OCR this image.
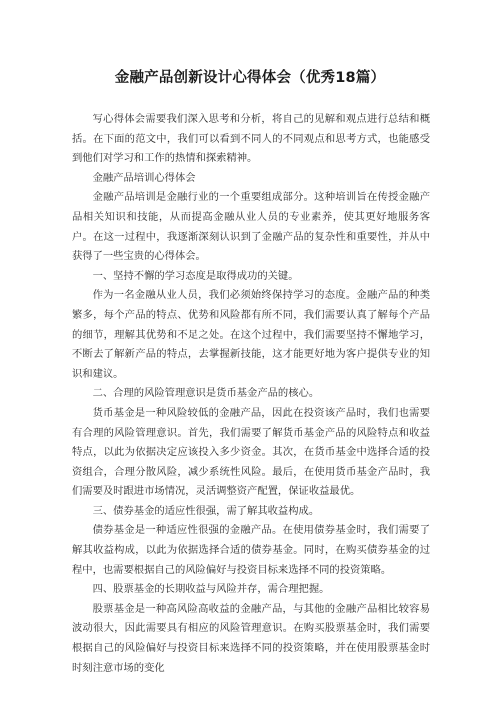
金融产品创新设计心得体会（优秀18篇）

写心得体会需要我们深入思考和分析，将自己的见解和观点进行总结和概括。在下面的范文中，我们可以看到不同人的不同观点和思考方式，也能感受到他们对学习和工作的热情和探索精神。

金融产品培训心得体会

金融产品培训是金融行业的一个重要组成部分。这种培训旨在传授金融产品相关知识和技能，从而提高金融从业人员的专业素养，使其更好地服务客户。在这一过程中，我逐渐深刻认识到了金融产品的复杂性和重要性，并从中获得了一些宝贵的心得体会。

一、坚持不懈的学习态度是取得成功的关键。

作为一名金融从业人员，我们必须始终保持学习的态度。金融产品的种类繁多，每个产品的特点、优势和风险都有所不同，我们需要认真了解每个产品的细节，理解其优势和不足之处。在这个过程中，我们需要坚持不懈地学习，不断去了解新产品的特点，去掌握新技能，这才能更好地为客户提供专业的知识和建议。

二、合理的风险管理意识是货币基金产品的核心。

货币基金是一种风险较低的金融产品，因此在投资该产品时，我们也需要有合理的风险管理意识。首先，我们需要了解货币基金产品的风险特点和收益特点，以此为依据决定应该投入多少资金。其次，在货币基金中选择合适的投资组合，合理分散风险，减少系统性风险。最后，在使用货币基金产品时，我们需要及时跟进市场情况，灵活调整资产配置，保证收益最优。

三、债券基金的适应性很强，需了解其收益构成。

债券基金是一种适应性很强的金融产品。在使用债券基金时，我们需要了解其收益构成，以此为依据选择合适的债券基金。同时，在购买债券基金的过程中，也需要根据自己的风险偏好与投资目标来选择不同的投资策略。

四、股票基金的长期收益与风险并存，需合理把握。

股票基金是一种高风险高收益的金融产品，与其他的金融产品相比较容易波动很大，因此需要具有相应的风险管理意识。在购买股票基金时，我们需要根据自己的风险偏好与投资目标来选择不同的投资策略，并在使用股票基金时时刻注意市场的变化
